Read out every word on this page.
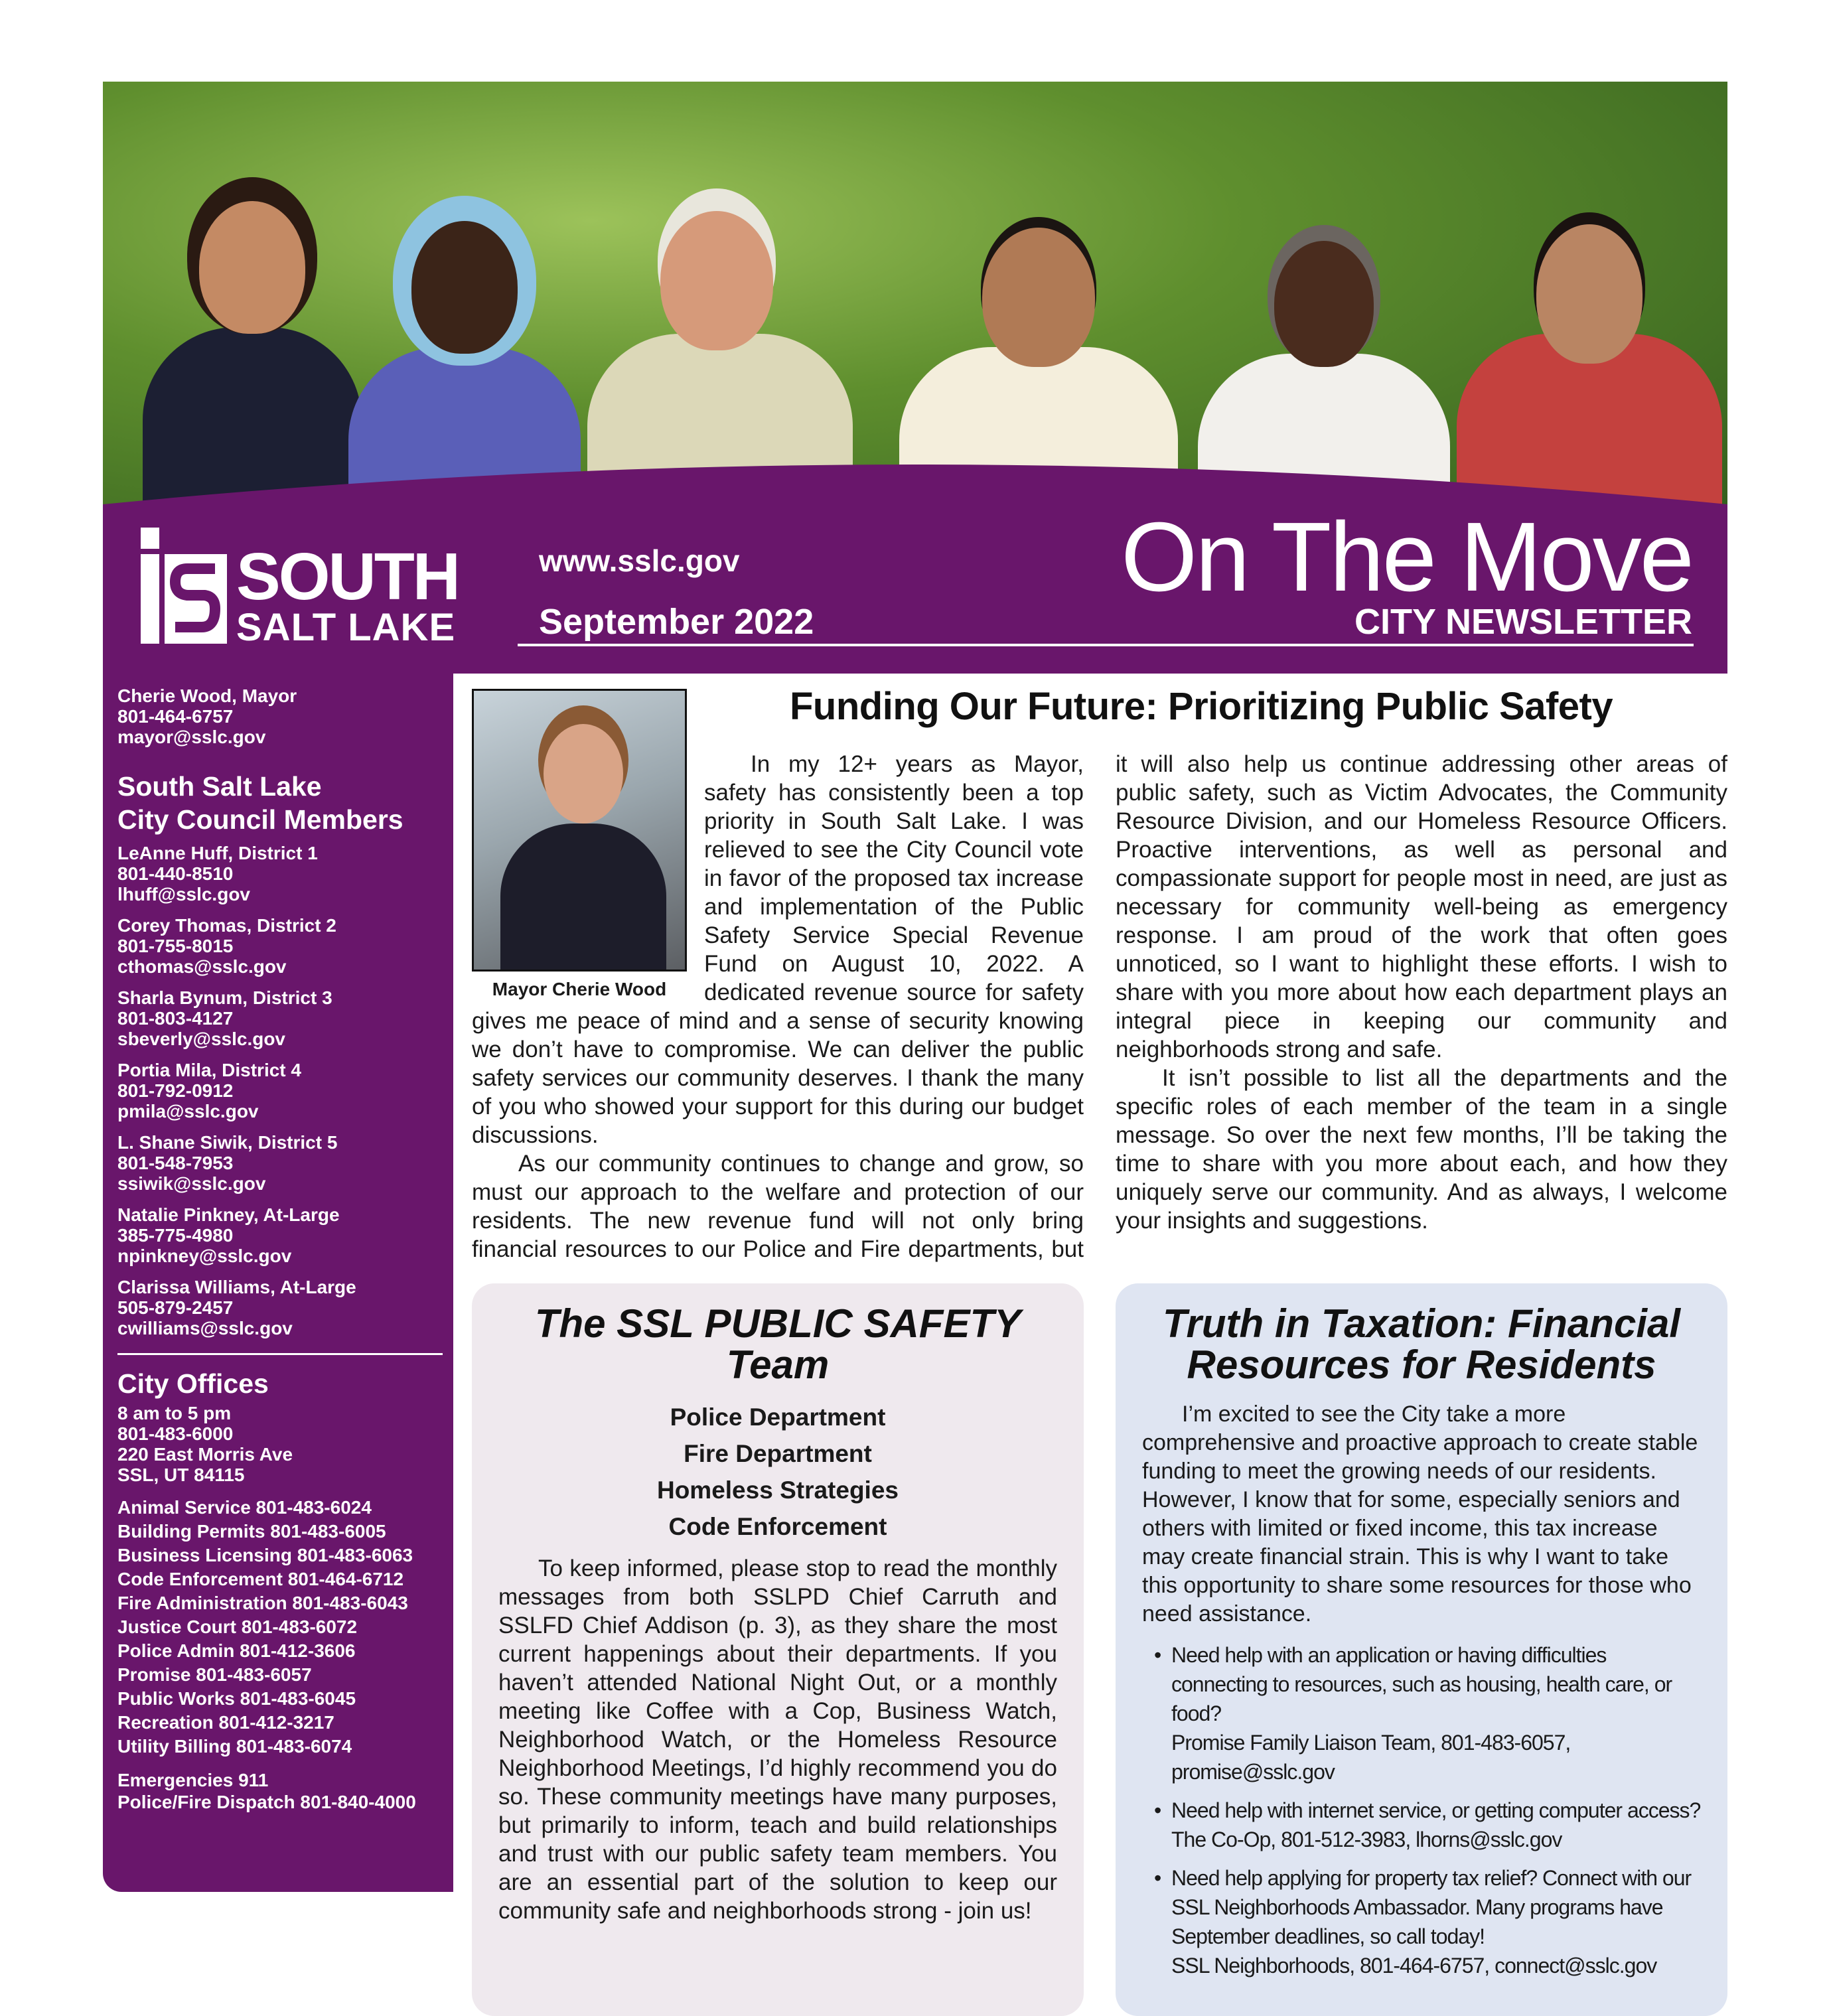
SOUTH
SALT LAKE
www.sslc.gov
September 2022
On The Move
CITY NEWSLETTER
Cherie Wood, Mayor
801-464-6757
mayor@sslc.gov
South Salt Lake
City Council Members
LeAnne Huff, District 1
801-440-8510
lhuff@sslc.gov
Corey Thomas, District 2
801-755-8015
cthomas@sslc.gov
Sharla Bynum, District 3
801-803-4127
sbeverly@sslc.gov
Portia Mila, District 4
801-792-0912
pmila@sslc.gov
L. Shane Siwik, District 5
801-548-7953
ssiwik@sslc.gov
Natalie Pinkney, At-Large
385-775-4980
npinkney@sslc.gov
Clarissa Williams, At-Large
505-879-2457
cwilliams@sslc.gov
City Offices
8 am to 5 pm
801-483-6000
220 East Morris Ave
SSL, UT 84115
Animal Service 801-483-6024
Building Permits 801-483-6005
Business Licensing 801-483-6063
Code Enforcement 801-464-6712
Fire Administration 801-483-6043
Justice Court 801-483-6072
Police Admin 801-412-3606
Promise 801-483-6057
Public Works 801-483-6045
Recreation 801-412-3217
Utility Billing 801-483-6074
Emergencies 911
Police/Fire Dispatch 801-840-4000
Funding Our Future: Prioritizing Public Safety
Mayor Cherie Wood

In my 12+ years as Mayor, safety has consistently been a top priority in South Salt Lake. I was relieved to see the City Council vote in favor of the proposed tax increase and implementation of the Public Safety Service Special Revenue Fund on August 10, 2022. A dedicated revenue source for safety gives me peace of mind and a sense of security knowing we don’t have to compromise. We can deliver the public safety services our community deserves. I thank the many of you who showed your support for this during our budget discussions.

As our community continues to change and grow, so must our approach to the welfare and protection of our residents. The new revenue fund will not only bring financial resources to our Police and Fire departments, but it will also help us continue addressing other areas of public safety, such as Victim Advocates, the Community Resource Division, and our Homeless Resource Officers. Proactive interventions, as well as personal and compassionate support for people most in need, are just as necessary for community well-being as emergency response. I am proud of the work that often goes unnoticed, so I want to highlight these efforts. I wish to share with you more about how each department plays an integral piece in keeping our community and neighborhoods strong and safe.

It isn’t possible to list all the departments and the specific roles of each member of the team in a single message. So over the next few months, I’ll be taking the time to share with you more about each, and how they uniquely serve our community. And as always, I welcome your insights and suggestions.

The SSL PUBLIC SAFETY Team
Police Department
Fire Department
Homeless Strategies
Code Enforcement

To keep informed, please stop to read the monthly messages from both SSLPD Chief Carruth and SSLFD Chief Addison (p. 3), as they share the most current happenings about their departments. If you haven’t attended National Night Out, or a monthly meeting like Coffee with a Cop, Business Watch, Neighborhood Watch, or the Homeless Resource Neighborhood Meetings, I’d highly recommend you do so. These community meetings have many purposes, but primarily to inform, teach and build relationships and trust with our public safety team members. You are an essential part of the solution to keep our community safe and neighborhoods strong - join us!

Truth in Taxation: Financial
Resources for Residents

I’m excited to see the City take a more comprehensive and proactive approach to create stable funding to meet the growing needs of our residents. However, I know that for some, especially seniors and others with limited or fixed income, this tax increase may create financial strain. This is why I want to take this opportunity to share some resources for those who need assistance.

• Need help with an application or having difficulties connecting to resources, such as housing, health care, or food?
Promise Family Liaison Team, 801-483-6057, promise@sslc.gov
• Need help with internet service, or getting computer access?
The Co-Op, 801-512-3983, lhorns@sslc.gov
• Need help applying for property tax relief? Connect with our SSL Neighborhoods Ambassador. Many programs have September deadlines, so call today!
SSL Neighborhoods, 801-464-6757, connect@sslc.gov
